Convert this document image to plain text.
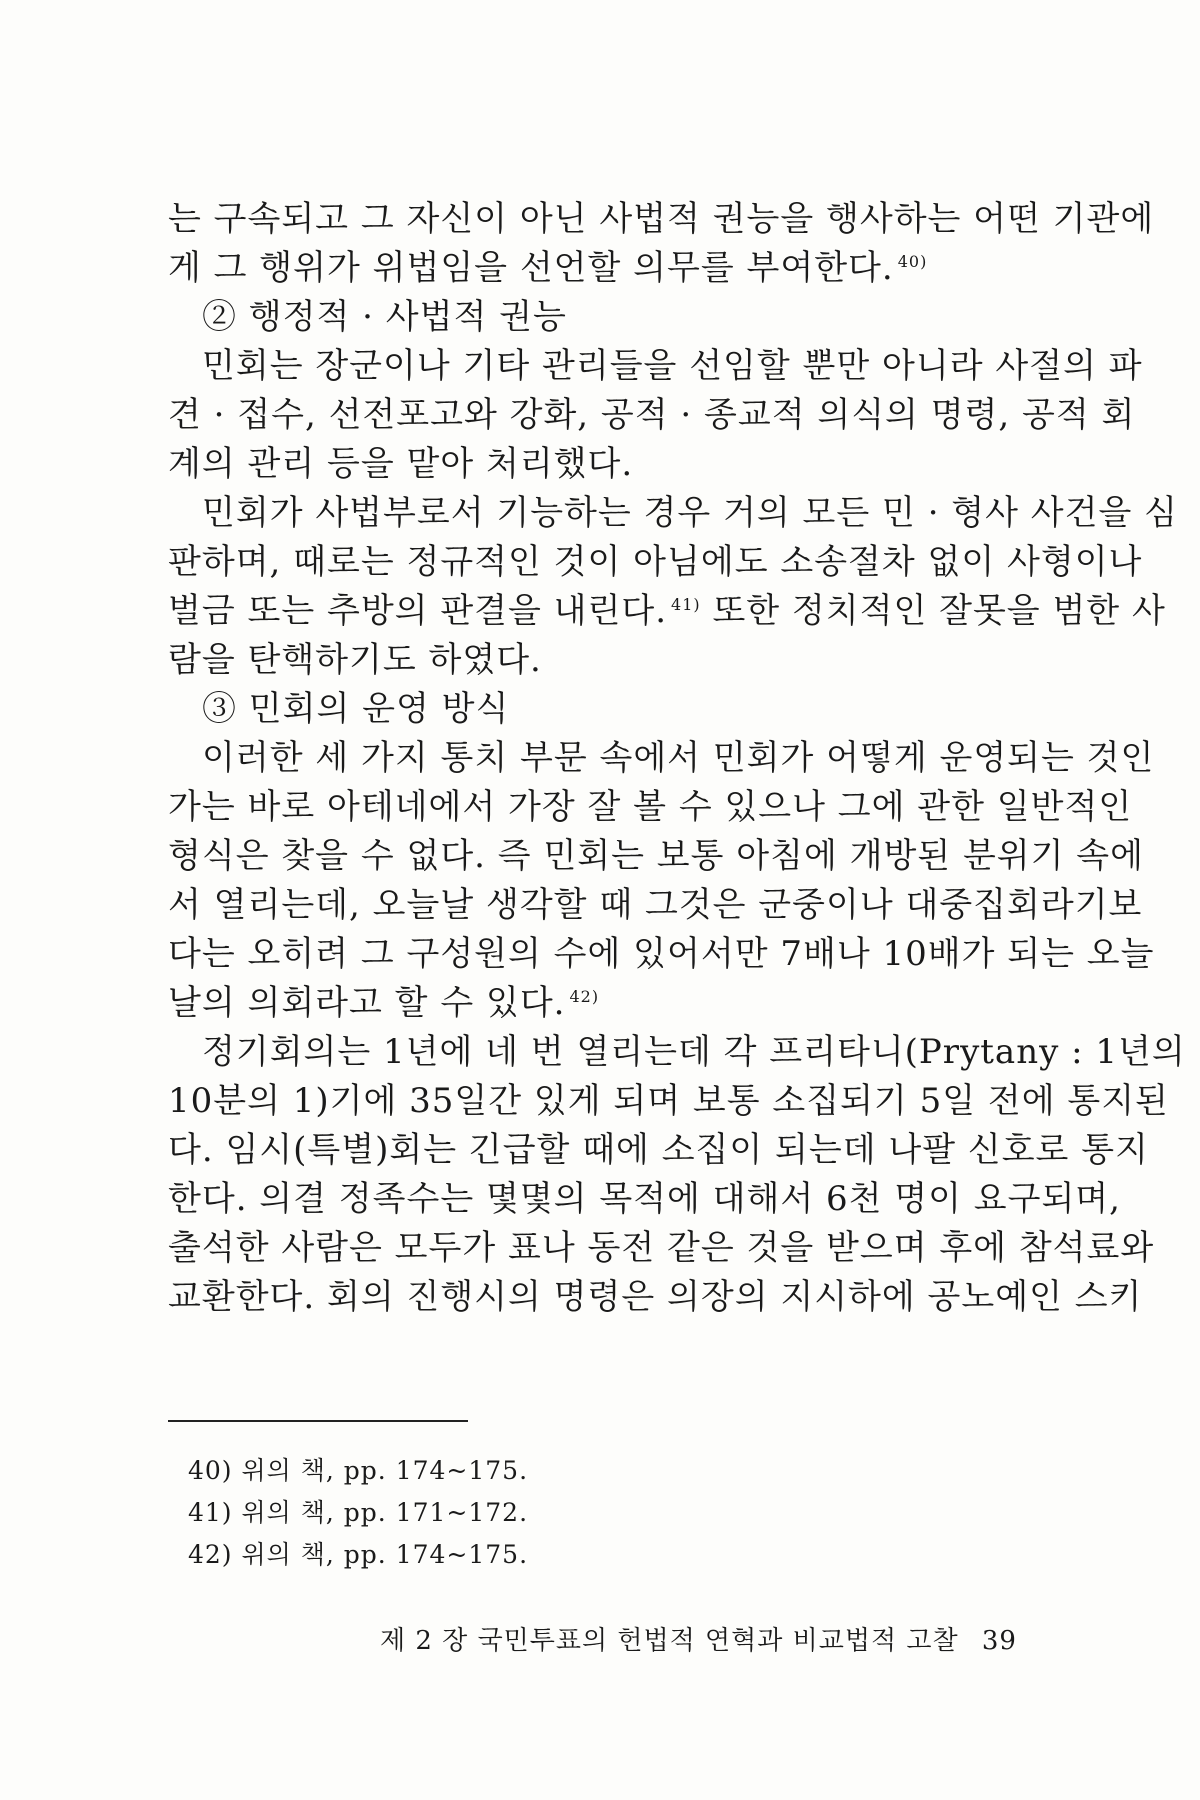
는 구속되고 그 자신이 아닌 사법적 권능을 행사하는 어떤 기관에
게 그 행위가 위법임을 선언할 의무를 부여한다. $^{40)}$
② 행정적 · 사법적 권능
민회는 장군이나 기타 관리들을 선임할 뿐만 아니라 사절의 파
견 · 접수, 선전포고와 강화, 공적 · 종교적 의식의 명령, 공적 회
계의 관리 등을 맡아 처리했다.
민회가 사법부로서 기능하는 경우 거의 모든 민 · 형사 사건을 심
판하며, 때로는 정규적인 것이 아님에도 소송절차 없이 사형이나
벌금 또는 추방의 판결을 내린다. $^{41)}$ 또한 정치적인 잘못을 범한 사
람을 탄핵하기도 하였다.
③ 민회의 운영 방식
이러한 세 가지 통치 부문 속에서 민회가 어떻게 운영되는 것인
가는 바로 아테네에서 가장 잘 볼 수 있으나 그에 관한 일반적인
형식은 찾을 수 없다. 즉 민회는 보통 아침에 개방된 분위기 속에
서 열리는데, 오늘날 생각할 때 그것은 군중이나 대중집회라기보
다는 오히려 그 구성원의 수에 있어서만 7배나 10배가 되는 오늘
날의 의회라고 할 수 있다. $^{42)}$
정기회의는 1년에 네 번 열리는데 각 프리타니(Prytany : 1년의
10분의 1)기에 35일간 있게 되며 보통 소집되기 5일 전에 통지된
다. 임시(특별)회는 긴급할 때에 소집이 되는데 나팔 신호로 통지
한다. 의결 정족수는 몇몇의 목적에 대해서 6천 명이 요구되며,
출석한 사람은 모두가 표나 동전 같은 것을 받으며 후에 참석료와
교환한다. 회의 진행시의 명령은 의장의 지시하에 공노예인 스키
40) 위의 책, pp. 174~175.
41) 위의 책, pp. 171~172.
42) 위의 책, pp. 174~175.
제 2 장 국민투표의 헌법적 연혁과 비교법적 고찰 39
